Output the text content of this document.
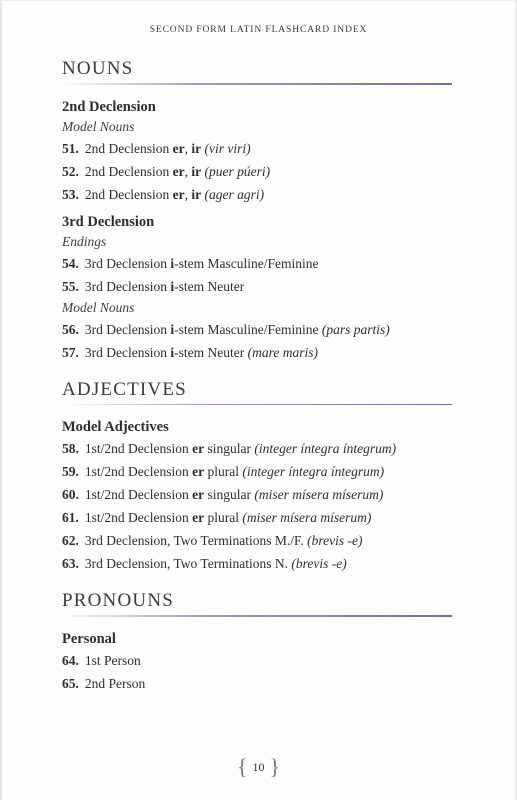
SECOND FORM LATIN FLASHCARD INDEX
NOUNS
2nd Declension
Model Nouns
51. 2nd Declension er, ir (vir viri)
52. 2nd Declension er, ir (puer púeri)
53. 2nd Declension er, ir (ager agri)
3rd Declension
Endings
54. 3rd Declension i-stem Masculine/Feminine
55. 3rd Declension i-stem Neuter
Model Nouns
56. 3rd Declension i-stem Masculine/Feminine (pars partis)
57. 3rd Declension i-stem Neuter (mare maris)
ADJECTIVES
Model Adjectives
58. 1st/2nd Declension er singular (integer íntegra íntegrum)
59. 1st/2nd Declension er plural (integer íntegra íntegrum)
60. 1st/2nd Declension er singular (miser mísera míserum)
61. 1st/2nd Declension er plural (miser mísera míserum)
62. 3rd Declension, Two Terminations M./F. (brevis -e)
63. 3rd Declension, Two Terminations N. (brevis -e)
PRONOUNS
Personal
64. 1st Person
65. 2nd Person
{ 10 }
